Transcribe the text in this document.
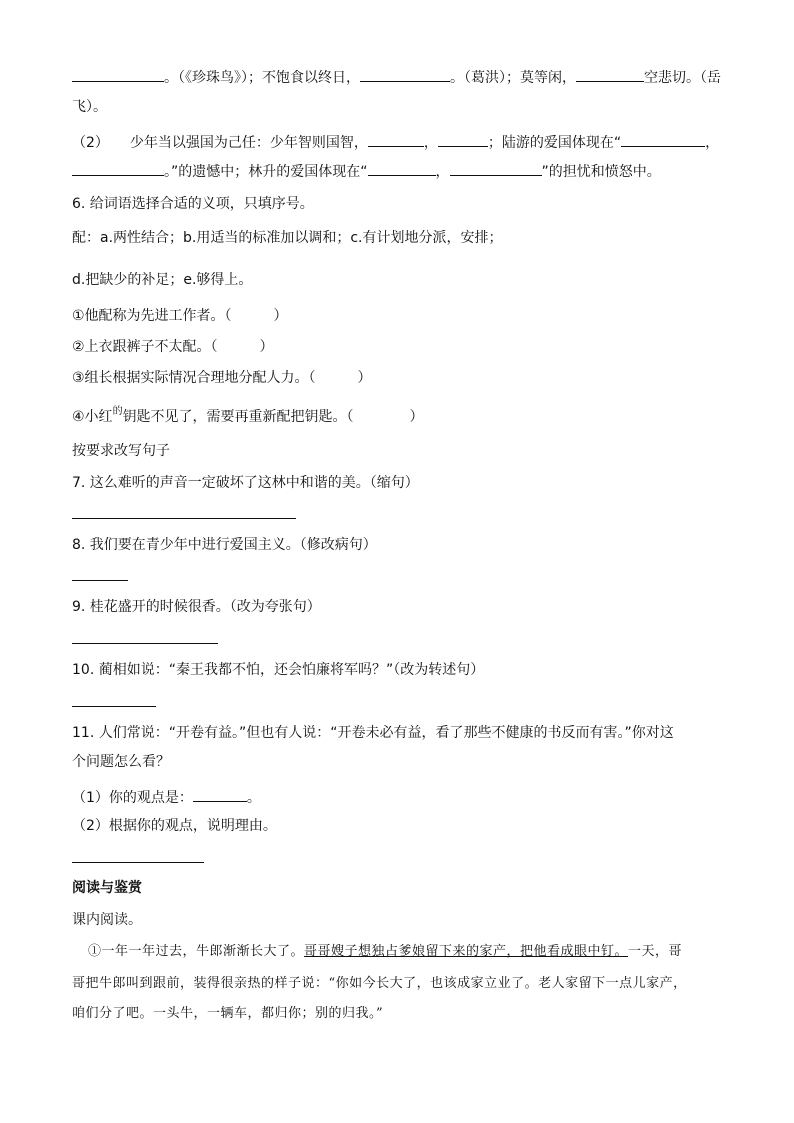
。（《珍珠鸟》）；不饱食以终日，	。（葛洪）；莫等闲，	空悲切。（岳
飞）。
（2）　　少年当以强国为己任：少年智则国智，	，	；陆游的爱国体现在“	，
。”的遗憾中；林升的爱国体现在“	，	”的担忧和愤怒中。
6. 给词语选择合适的义项，只填序号。
配：a.两性结合；b.用适当的标准加以调和；c.有计划地分派，安排；
d.把缺少的补足；e.够得上。
①他配称为先进工作者。（　　　）
②上衣跟裤子不太配。（　　　）
③组长根据实际情况合理地分配人力。（　　　）
④小红$^的$钥匙不见了，需要再重新配把钥匙。（　　　　）
按要求改写句子
7. 这么难听的声音一定破坏了这林中和谐的美。（缩句）
8. 我们要在青少年中进行爱国主义。（修改病句）
9. 桂花盛开的时候很香。（改为夸张句）
10. 蔺相如说：“秦王我都不怕，还会怕廉将军吗？”（改为转述句）
11. 人们常说：“开卷有益。”但也有人说：“开卷未必有益，看了那些不健康的书反而有害。”你对这
个问题怎么看？
（1）你的观点是：	。
（2）根据你的观点，说明理由。
阅读与鉴赏
课内阅读。
①一年一年过去，牛郎渐渐长大了。哥哥嫂子想独占爹娘留下来的家产，把他看成眼中钉。一天，哥
哥把牛郎叫到跟前，装得很亲热的样子说：“你如今长大了，也该成家立业了。老人家留下一点儿家产，
咱们分了吧。一头牛，一辆车，都归你；别的归我。”
